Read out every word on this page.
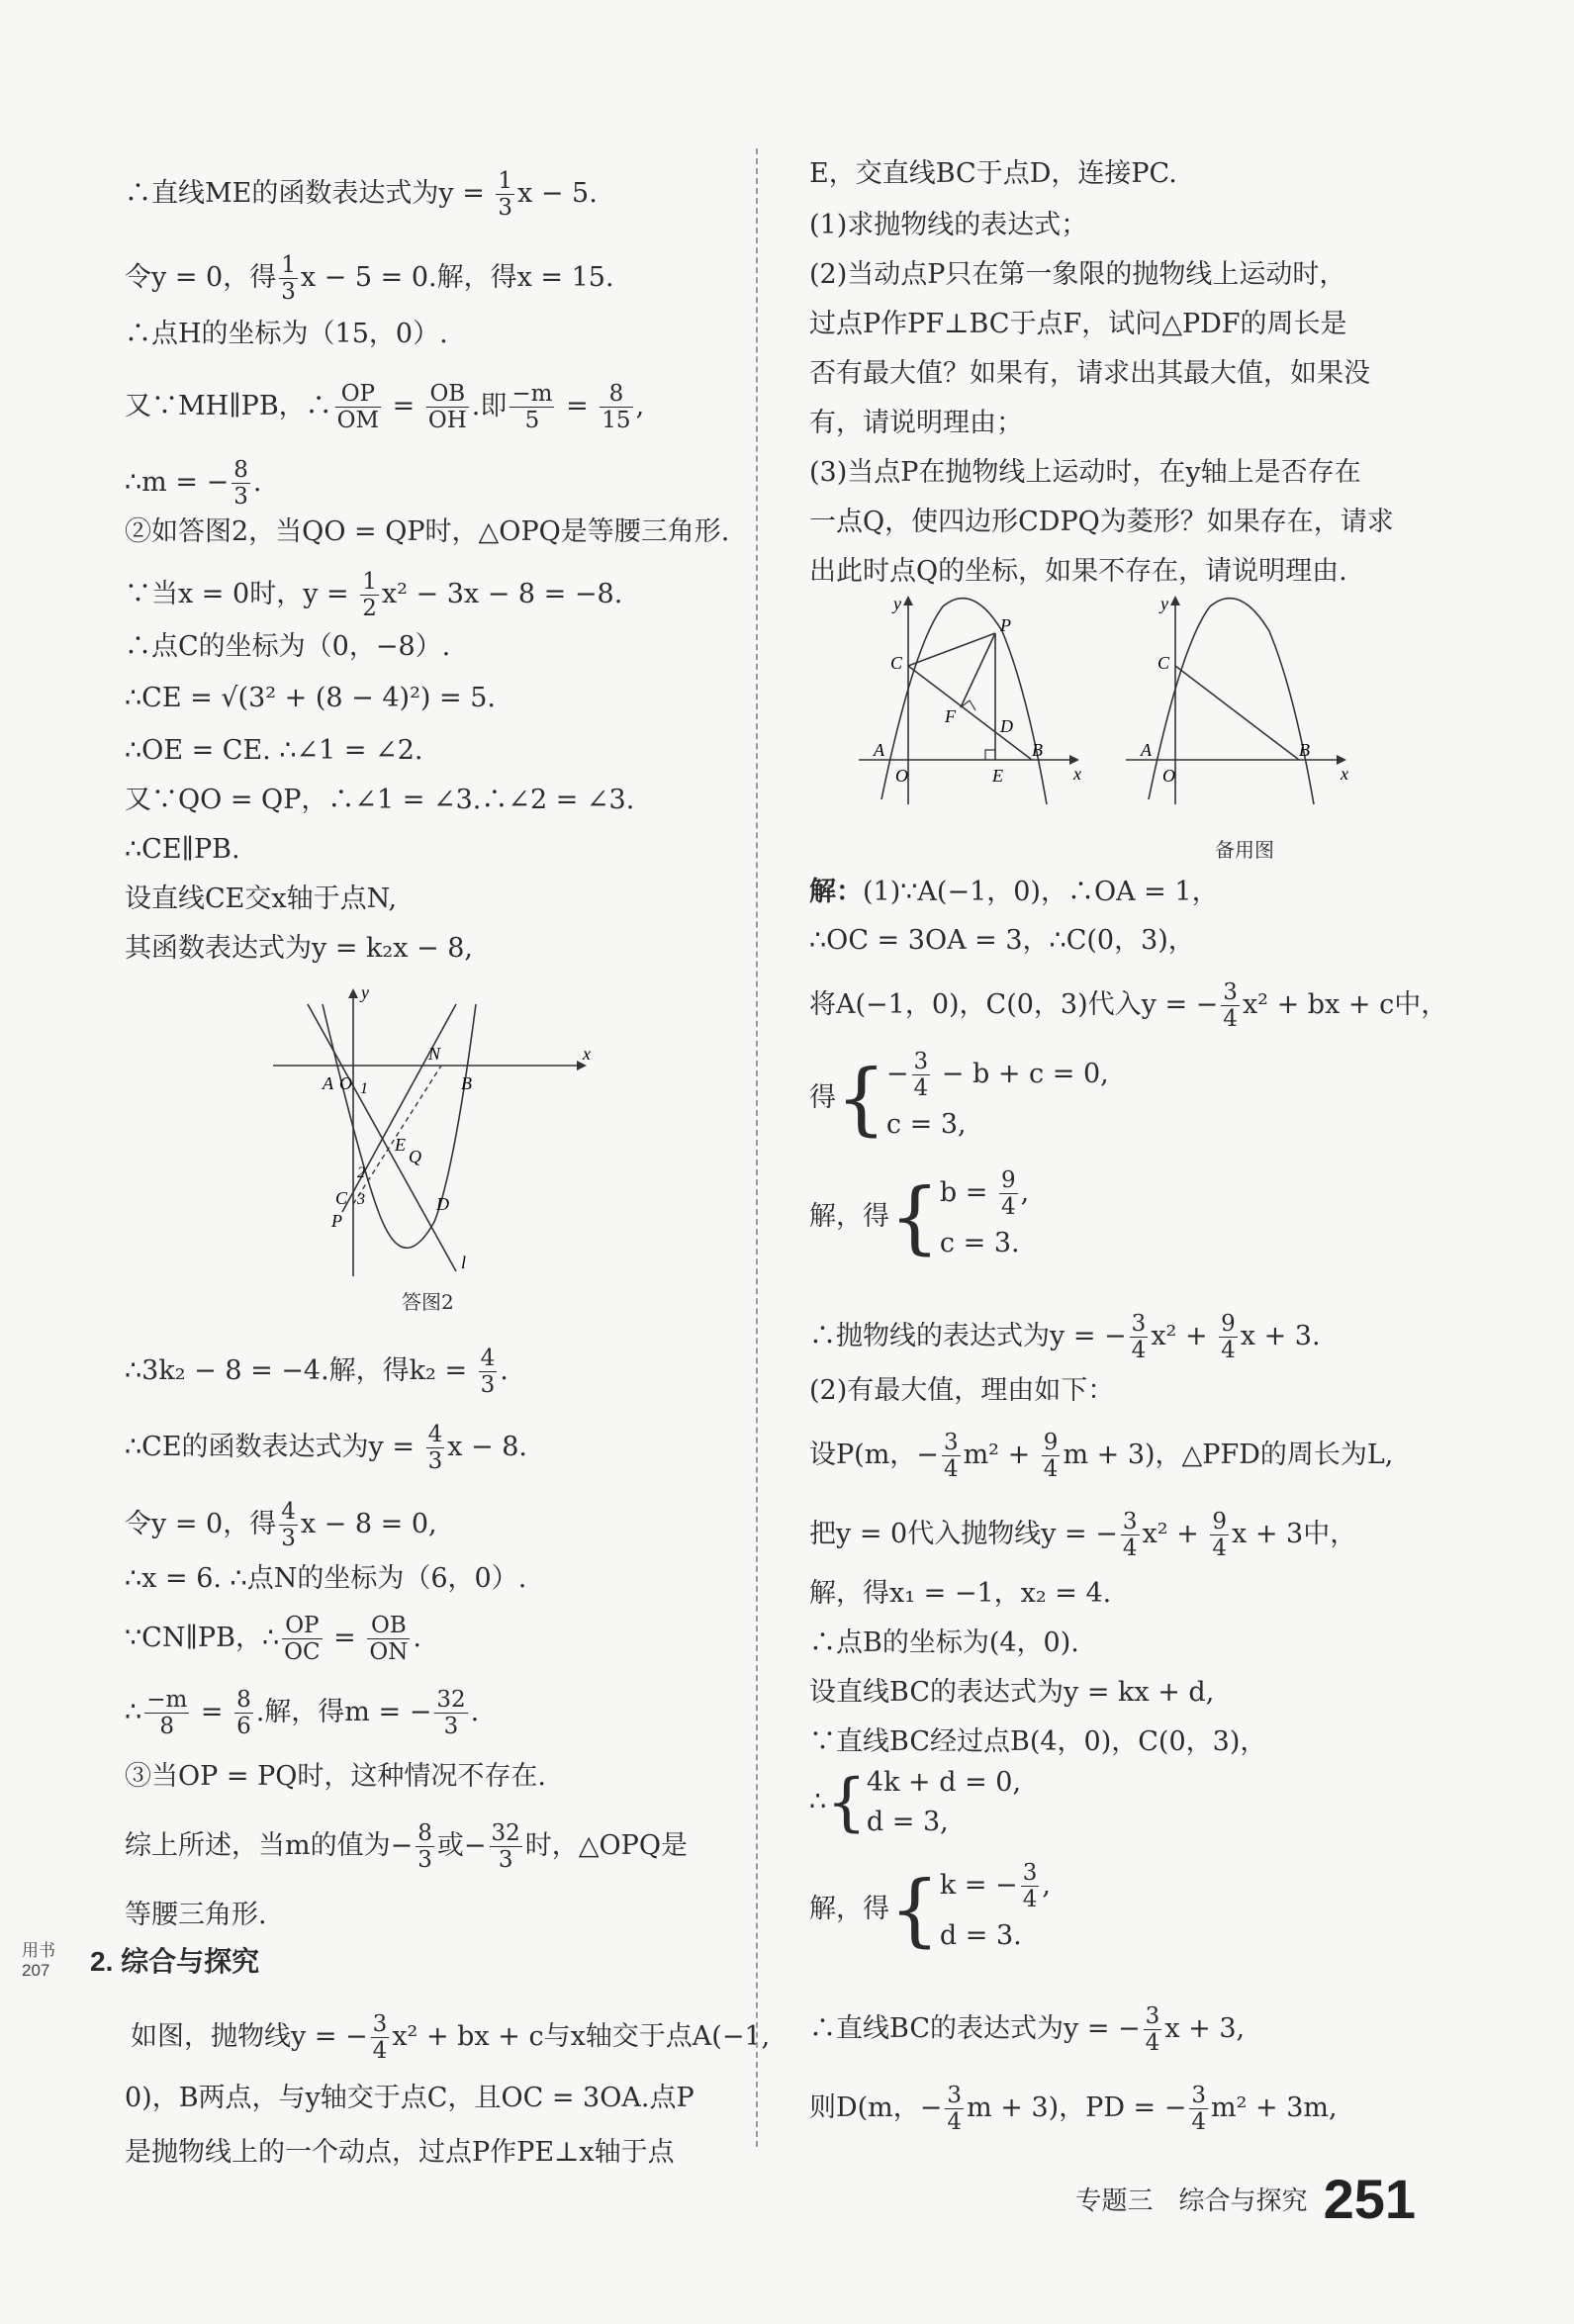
∴直线ME的函数表达式为$y = \frac{1}{3}$ x − 5.
令y = 0，得 $\frac{1}{3}$ x − 5 = 0.解，得x = 15.
∴点H的坐标为（15，0）.
又∵MH∥PB，∴ $\frac{OP}{OM} = \frac{OB}{OH}$ .即 $\frac{-m}{5} = \frac{8}{15}$ ,
∴m = − $\frac{8}{3}$ .
②如答图2，当QO = QP时，△OPQ是等腰三角形.
∵当x = 0时，$y = \frac{1}{2} x^2 - 3x - 8 = -8$.
∴点C的坐标为（0，−8）.
∴CE = √(3² + (8 − 4)²) = 5.
∴OE = CE. ∴∠1 = ∠2.
又∵QO = QP，∴∠1 = ∠3.∴∠2 = ∠3.
∴CE∥PB.
设直线CE交x轴于点N,
其函数表达式为y = k₂x − 8,
x
y
A O
N
B
1
2
3
E
Q
C
P
D
l
答图2
∴3k₂ − 8 = −4.解，得$k_2 = \frac{4}{3}$ .
∴CE的函数表达式为$y = \frac{4}{3}$ x − 8.
令y = 0，得 $\frac{4}{3}$ x − 8 = 0,
∴x = 6. ∴点N的坐标为（6，0）.
∵CN∥PB，∴ $\frac{OP}{OC} = \frac{OB}{ON}$ .
∴ $\frac{-m}{8} = \frac{8}{6}$ .解，得m = − $\frac{32}{3}$ .
③当OP = PQ时，这种情况不存在.
综上所述，当m的值为− $\frac{8}{3}$ 或− $\frac{32}{3}$ 时，△OPQ是
等腰三角形.
2. 综合与探究
如图，抛物线y = − $\frac{3}{4} x^2$ + bx + c与x轴交于点A(−1,
0)，B两点，与y轴交于点C，且OC = 3OA.点P
是抛物线上的一个动点，过点P作PE⊥x轴于点
E，交直线BC于点D，连接PC.
(1)求抛物线的表达式；
(2)当动点P只在第一象限的抛物线上运动时，
过点P作PF⊥BC于点F，试问△PDF的周长是
否有最大值？如果有，请求出其最大值，如果没
有，请说明理由；
(3)当点P在抛物线上运动时，在y轴上是否存在
一点Q，使四边形CDPQ为菱形？如果存在，请求
出此时点Q的坐标，如果不存在，请说明理由.
x
y
P
C
F	D
A	B
O	E	x
y
C
A	B
O
备用图
解：(1)∵A(−1，0)，∴OA = 1，
∴OC = 3OA = 3，∴C(0，3)，
将A(−1，0)，C(0，3)代入y = − $\frac{3}{4} x^2$ + bx + c中，
得{ − $\frac{3}{4} - b + c = 0$,
c = 3,
解，得{ $b = \frac{9}{4}$ ,
c = 3.
∴抛物线的表达式为y = − $\frac{3}{4} x^2 + \frac{9}{4}$ x + 3.
(2)有最大值，理由如下：
设P(m，− $\frac{3}{4} m^2 + \frac{9}{4}$ m + 3)，△PFD的周长为L,
把y = 0代入抛物线y = − $\frac{3}{4} x^2 + \frac{9}{4}$ x + 3中，
解，得x₁ = −1，x₂ = 4.
∴点B的坐标为(4，0).
设直线BC的表达式为y = kx + d,
∵直线BC经过点B(4，0)，C(0，3)，
∴{ 4k + d = 0,
d = 3,
解，得{ k = − $\frac{3}{4}$ ,
d = 3.
∴直线BC的表达式为y = − $\frac{3}{4}$ x + 3,
则D(m，− $\frac{3}{4}$ m + 3)，PD = − $\frac{3}{4} m^2 + 3m$,
用书
207
专题三　综合与探究 251
